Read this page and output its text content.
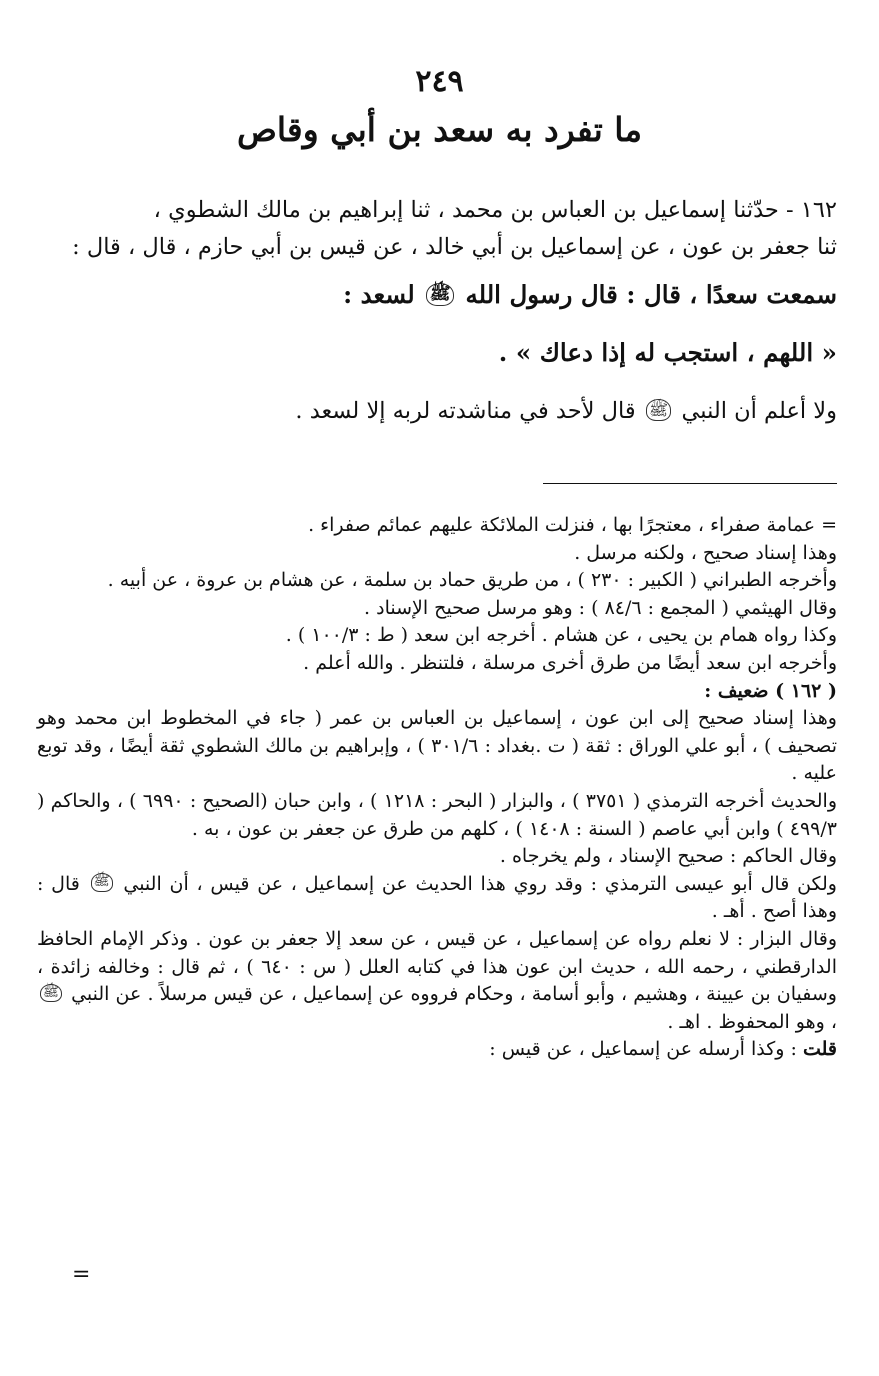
٢٤٩
ما تفرد به سعد بن أبي وقاص

١٦٢ - حدّثنا إسماعيل بن العباس بن محمد ، ثنا إبراهيم بن مالك الشطوي ،

ثنا جعفر بن عون ، عن إسماعيل بن أبي خالد ، عن قيس بن أبي حازم ، قال ، قال :

سمعت سعدًا ، قال : قال رسول الله ﷺ لسعد :

« اللهم ، استجب له إذا دعاك » .

ولا أعلم أن النبي ﷺ قال لأحد في مناشدته لربه إلا لسعد .

= عمامة صفراء ، معتجرًا بها ، فنزلت الملائكة عليهم عمائم صفراء .

وهذا إسناد صحيح ، ولكنه مرسل .

وأخرجه الطبراني ( الكبير : ٢٣٠ ) ، من طريق حماد بن سلمة ، عن هشام بن عروة ، عن أبيه .

وقال الهيثمي ( المجمع : ٨٤/٦ ) : وهو مرسل صحيح الإسناد .

وكذا رواه همام بن يحيى ، عن هشام . أخرجه ابن سعد ( ط : ١٠٠/٣ ) .

وأخرجه ابن سعد أيضًا من طرق أخرى مرسلة ، فلتنظر . والله أعلم .

( ١٦٢ ) ضعيف :

وهذا إسناد صحيح إلى ابن عون ، إسماعيل بن العباس بن عمر ( جاء في المخطوط ابن محمد وهو تصحيف ) ، أبو علي الوراق : ثقة ( ت .بغداد : ٣٠١/٦ ) ، وإبراهيم بن مالك الشطوي ثقة أيضًا ، وقد توبع عليه .

والحديث أخرجه الترمذي ( ٣٧٥١ ) ، والبزار ( البحر : ١٢١٨ ) ، وابن حبان (الصحيح : ٦٩٩٠ ) ، والحاكم ( ٤٩٩/٣ ) وابن أبي عاصم ( السنة : ١٤٠٨ ) ، كلهم من طرق عن جعفر بن عون ، به .

وقال الحاكم : صحيح الإسناد ، ولم يخرجاه .

ولكن قال أبو عيسى الترمذي : وقد روي هذا الحديث عن إسماعيل ، عن قيس ، أن النبي ﷺ قال : وهذا أصح . أهـ .

وقال البزار : لا نعلم رواه عن إسماعيل ، عن قيس ، عن سعد إلا جعفر بن عون . وذكر الإمام الحافظ الدارقطني ، رحمه الله ، حديث ابن عون هذا في كتابه العلل ( س : ٦٤٠ ) ، ثم قال : وخالفه زائدة ، وسفيان بن عيينة ، وهشيم ، وأبو أسامة ، وحكام فرووه عن إسماعيل ، عن قيس مرسلاً . عن النبي ﷺ ، وهو المحفوظ . اهـ .

قلت : وكذا أرسله عن إسماعيل ، عن قيس :

=
